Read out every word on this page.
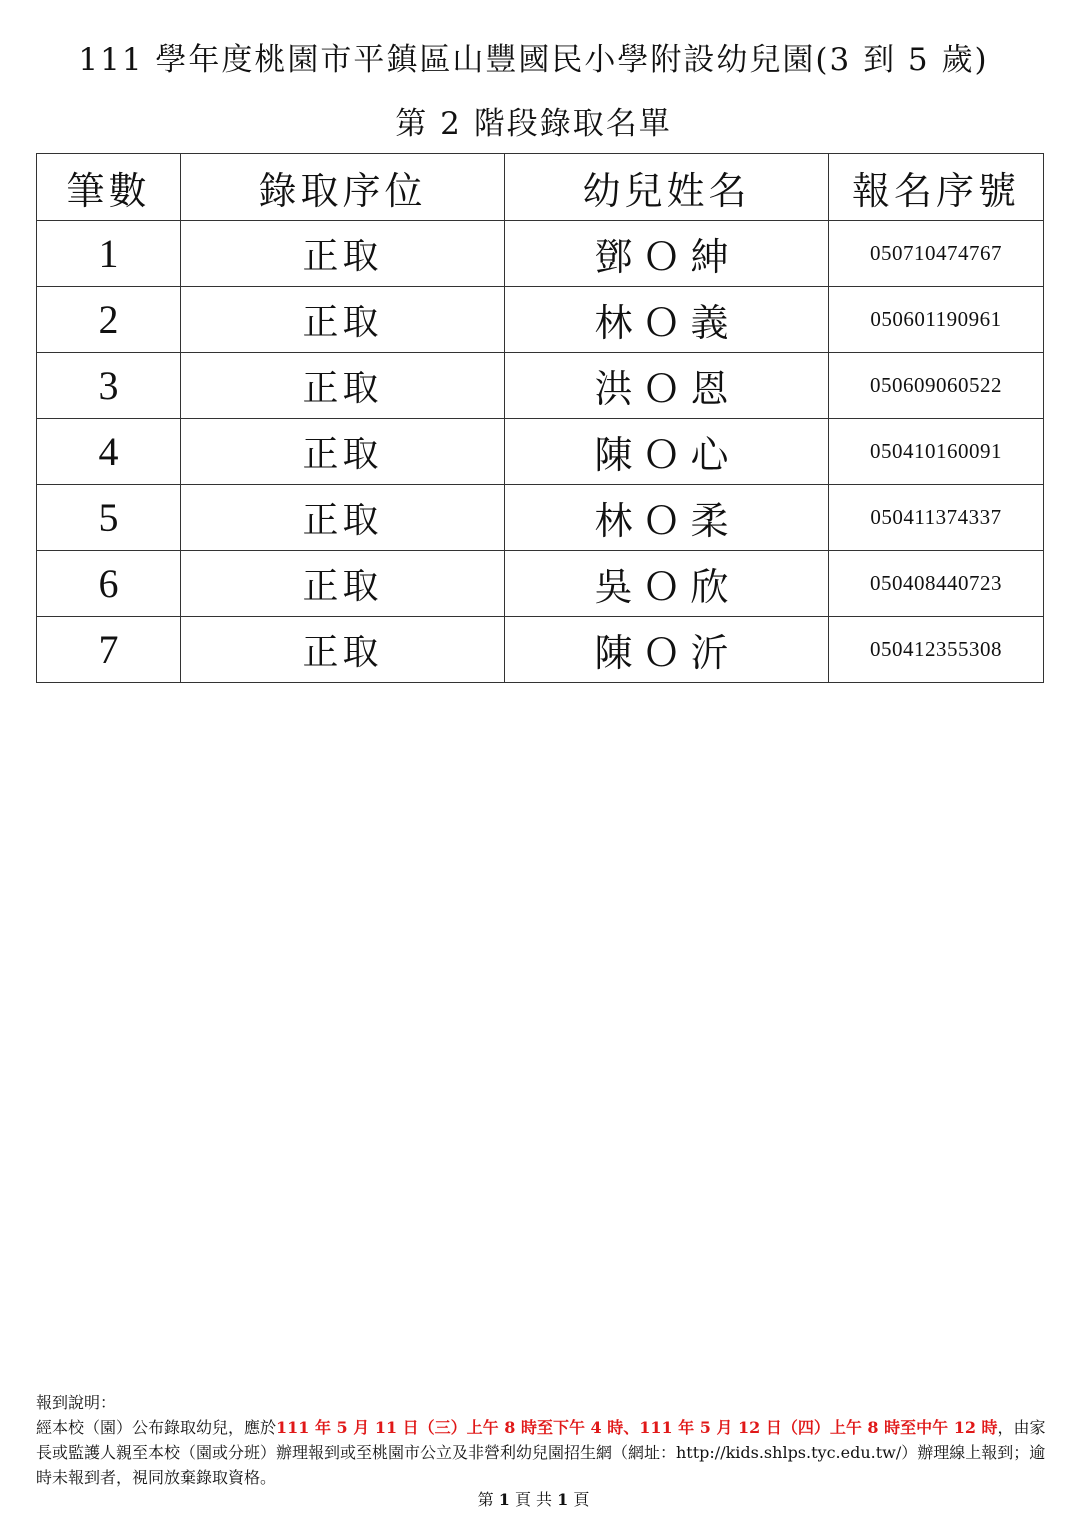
111 學年度桃園市平鎮區山豐國民小學附設幼兒園(3 到 5 歲)
第 2 階段錄取名單
筆數	錄取序位	幼兒姓名	報名序號
1	正取	鄧Ｏ紳	050710474767
2	正取	林Ｏ義	050601190961
3	正取	洪Ｏ恩	050609060522
4	正取	陳Ｏ心	050410160091
5	正取	林Ｏ柔	050411374337
6	正取	吳Ｏ欣	050408440723
7	正取	陳Ｏ沂	050412355308
報到說明：
經本校（園）公布錄取幼兒，應於111 年 5 月 11 日（三）上午 8 時至下午 4 時、111 年 5 月 12 日（四）上午 8 時至中午 12 時，由家長或監護人親至本校（園或分班）辦理報到或至桃園市公立及非營利幼兒園招生網（網址：http://kids.shlps.tyc.edu.tw/）辦理線上報到；逾時未報到者，視同放棄錄取資格。
第 1 頁 共 1 頁
